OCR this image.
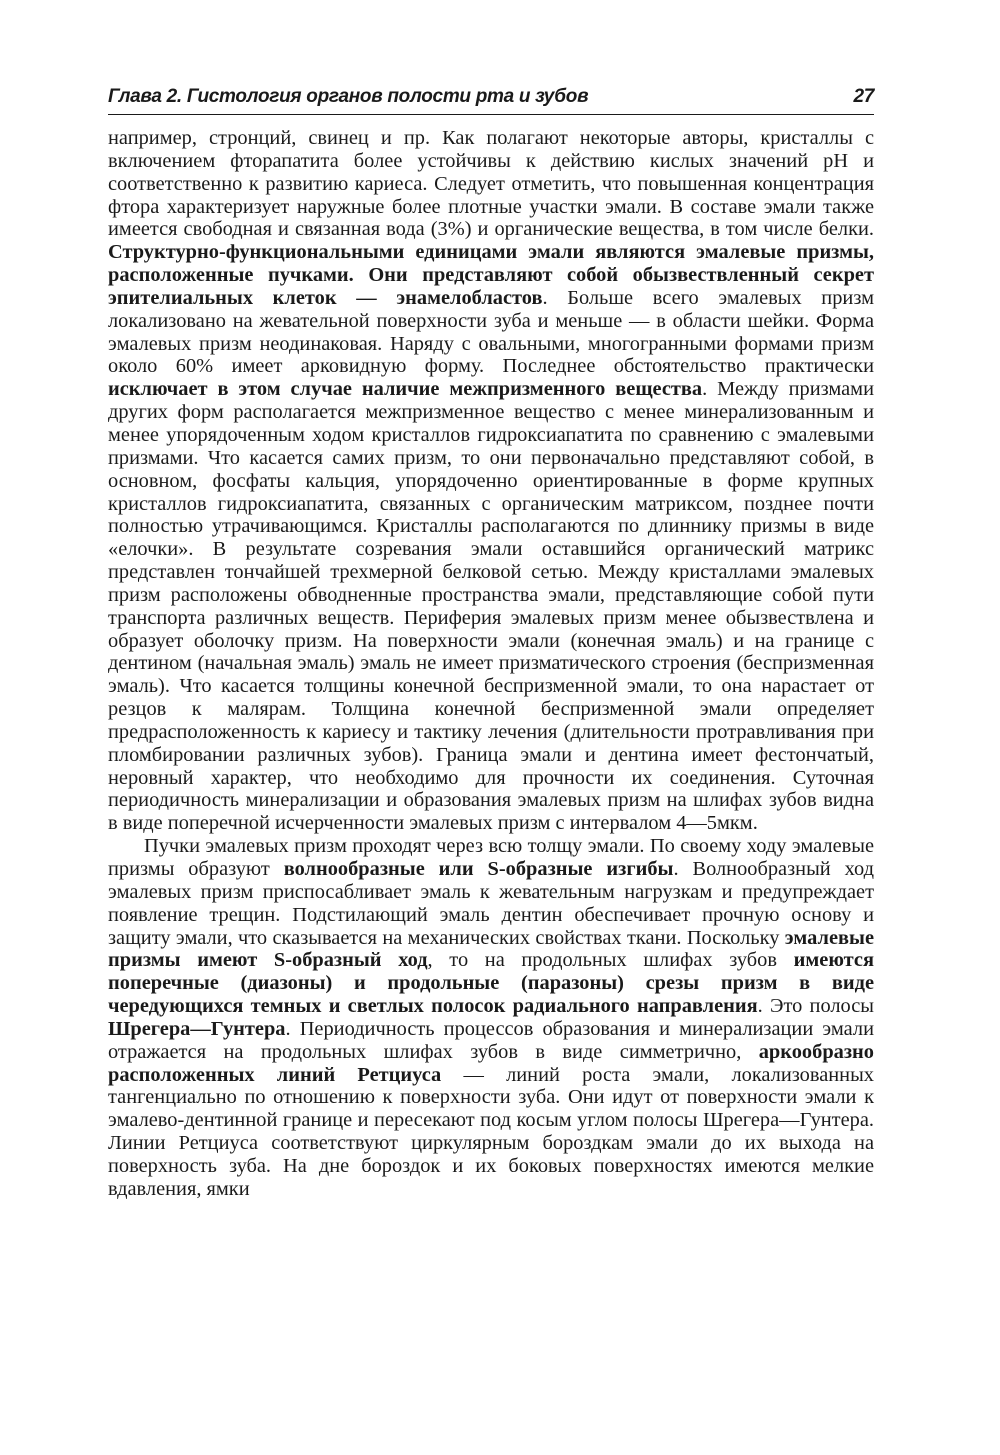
Глава 2. Гистология органов полости рта и зубов	27

например, стронций, свинец и пр. Как полагают некоторые авторы, кристаллы с включением фторапатита более устойчивы к действию кислых значений рН и соответственно к развитию кариеса. Следует отметить, что повышенная концентрация фтора характеризует наружные более плотные участки эмали. В составе эмали также имеется свободная и связанная вода (3%) и органические вещества, в том числе белки. Структурно-функциональными единицами эмали являются эмалевые призмы, расположенные пучками. Они представляют собой обызвествленный секрет эпителиальных клеток — энамелобластов. Больше всего эмалевых призм локализовано на жевательной поверхности зуба и меньше — в области шейки. Форма эмалевых призм неодинаковая. Наряду с овальными, многогранными формами призм около 60% имеет арковидную форму. Последнее обстоятельство практически исключает в этом случае наличие межпризменного вещества. Между призмами других форм располагается межпризменное вещество с менее минерализованным и менее упорядоченным ходом кристаллов гидроксиапатита по сравнению с эмалевыми призмами. Что касается самих призм, то они первоначально представляют собой, в основном, фосфаты кальция, упорядоченно ориентированные в форме крупных кристаллов гидроксиапатита, связанных с органическим матриксом, позднее почти полностью утрачивающимся. Кристаллы располагаются по длиннику призмы в виде «елочки». В результате созревания эмали оставшийся органический матрикс представлен тончайшей трехмерной белковой сетью. Между кристаллами эмалевых призм расположены обводненные пространства эмали, представляющие собой пути транспорта различных веществ. Периферия эмалевых призм менее обызвествлена и образует оболочку призм. На поверхности эмали (конечная эмаль) и на границе с дентином (начальная эмаль) эмаль не имеет призматического строения (беспризменная эмаль). Что касается толщины конечной беспризменной эмали, то она нарастает от резцов к малярам. Толщина конечной беспризменной эмали определяет предрасположенность к кариесу и тактику лечения (длительности протравливания при пломбировании различных зубов). Граница эмали и дентина имеет фестончатый, неровный характер, что необходимо для прочности их соединения. Суточная периодичность минерализации и образования эмалевых призм на шлифах зубов видна в виде поперечной исчерченности эмалевых призм с интервалом 4—5мкм.

Пучки эмалевых призм проходят через всю толщу эмали. По своему ходу эмалевые призмы образуют волнообразные или S-образные изгибы. Волнообразный ход эмалевых призм приспосабливает эмаль к жевательным нагрузкам и предупреждает появление трещин. Подстилающий эмаль дентин обеспечивает прочную основу и защиту эмали, что сказывается на механических свойствах ткани. Поскольку эмалевые призмы имеют S-образный ход, то на продольных шлифах зубов имеются поперечные (диазоны) и продольные (паразоны) срезы призм в виде чередующихся темных и светлых полосок радиального направления. Это полосы Шрегера—Гунтера. Периодичность процессов образования и минерализации эмали отражается на продольных шлифах зубов в виде симметрично, аркообразно расположенных линий Ретциуса — линий роста эмали, локализованных тангенциально по отношению к поверхности зуба. Они идут от поверхности эмали к эмалево-дентинной границе и пересекают под косым углом полосы Шрегера—Гунтера. Линии Ретциуса соответствуют циркулярным бороздкам эмали до их выхода на поверхность зуба. На дне бороздок и их боковых поверхностях имеются мелкие вдавления, ямки
